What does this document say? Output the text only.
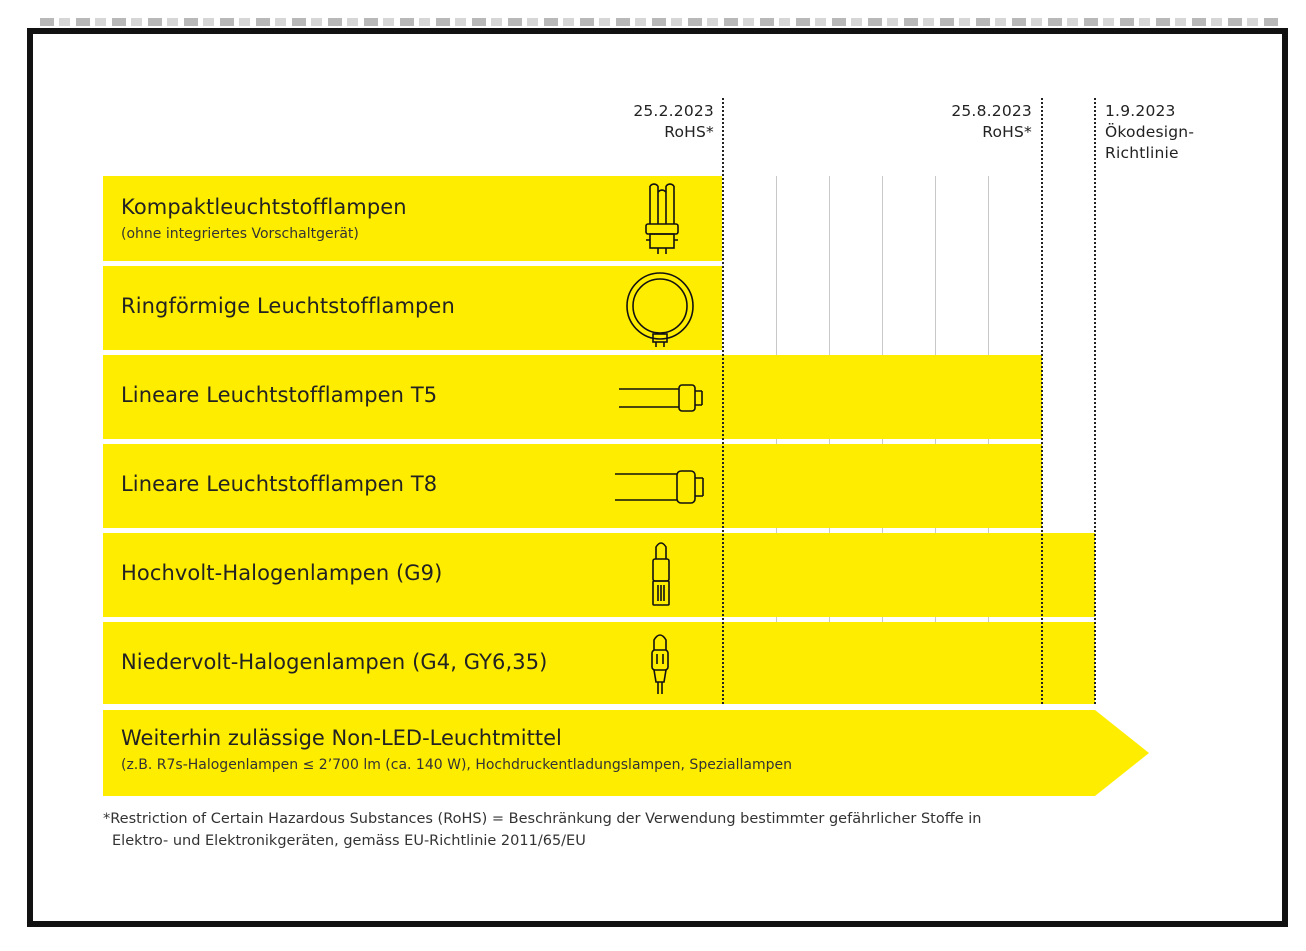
25.2.2023
RoHS*
25.8.2023
RoHS*
1.9.2023
Ökodesign-
Richtlinie
Kompaktleuchtstofflampen
(ohne integriertes Vorschaltgerät)
Ringförmige Leuchtstofflampen
Lineare Leuchtstofflampen T5
Lineare Leuchtstofflampen T8
Hochvolt-Halogenlampen (G9)
Niedervolt-Halogenlampen (G4, GY6,35)
Weiterhin zulässige Non-LED-Leuchtmittel
(z.B. R7s-Halogenlampen ≤ 2’700 lm (ca. 140 W), Hochdruckentladungslampen, Speziallampen
*Restriction of Certain Hazardous Substances (RoHS) = Beschränkung der Verwendung bestimmter gefährlicher Stoffe in
Elektro- und Elektronikgeräten, gemäss EU-Richtlinie 2011/65/EU
